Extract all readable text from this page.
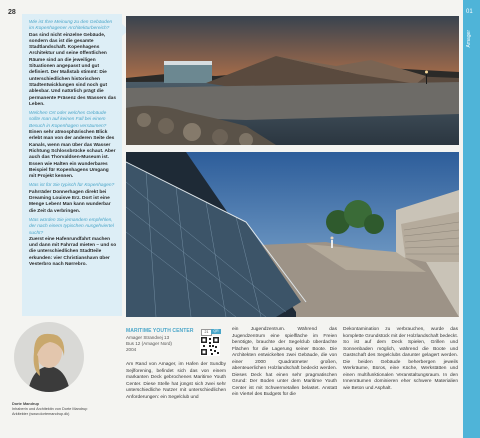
28

Wie ist Ihre Meinung zu den Gebäuden im Kopenhagener Architekturbereich?
Das sind nicht einzelne Gebäude, sondern das ist die gesamte Stadtlandschaft. Kopenhagens Architektur und seine öffentlichen Räume sind an die jeweiligen Situationen angepasst und gut definiert. Der Maßstab stimmt: Die unterschiedlichen historischen Stadtentwicklungen sind noch gut ablesbar. Und natürlich prägt die permanente Präsenz des Wassers das Leben.

Welchen Ort oder welches Gebäude sollte man auf keinen Fall bei einem Besuch in Kopenhagen versäumen?
Einen sehr atmosphärischen Blick erlebt man von der anderen Seite des Kanals, wenn man über das Wasser Richtung Schlossbrücke schaut. Aber auch das Thorvaldsen-Museum ist. Essen wie Halten ein wunderbares Beispiel für Kopenhagens Umgang mit Projekt kennen.

Was ist für Sie typisch für Kopenhagen?
Fahrräder Donnerhagen direkt bei Dreaming Louisve Erz. Dort ist eine Menge Leben! Man kann wunderbar die Zeit da verbringen.

Was würden Sie jemandem empfehlen, der nach einem typischen Ausgehviertel sucht?
Zuerst eine Hafenrundfahrt machen und dann mit Fahrrad mieten – und so die unterschiedlichen Stadtteile erkunden: vier Christianshavn über Vesterbro nach Nørrebro.

Dorte Mandrup
Inhaberin und Architektin von Dorte Mandrup
Arkitekter (www.dortemandrup.dk)
MARITIME YOUTH CENTER
Amager Strandvej 13
Bus 12 (Amager Nord)
2004
21	QR
Am Rand von Amager, im Hafen der Sundby Sejlforening, befindet sich das von einem markanten Deck gebrochenes Maritime Youth Center. Diese Stelle hat jüngst sich zwei sehr unterschiedliche Nutzer mit unterschiedlichen Anforderungen: ein Segelclub und
ein Jugendzentrum. Während das Jugendzentrum eine spielfläche im Freien benötigte, brauchte der Segelclub überdachte Flächen für die Lagerung seiner Boote. Die Architekten entwickelten zwei Gebäude, die von einer 2000 Quadratmeter großen, abenteuerlichen Holzlandschaft bedeckt werden. Dieses Deck hat einen sehr pragmatischen Grund: Der Boden unter dem Maritime Youth Center ist mit Schwermetallen belastet. Anstatt ein Viertel des Budgets für die
Dekontamination zu verbrauchen, wurde das komplette Grundstück mit der Holzlandschaft bedeckt. So ist auf dem Deck Spielen, Grillen und Sonnenbaden möglich, während die Boote und Gastschaft des Segelclubs darunter gelagert werden. Die beiden Gebäude beherbergen jeweils Werkräume, Büros, eine Küche, Werkstätten und einen multifunktionalen Veranstaltungsraum. In den Innenräumen dominieren eher schwere Materialien wie Beton und Asphalt.
01
Amager
